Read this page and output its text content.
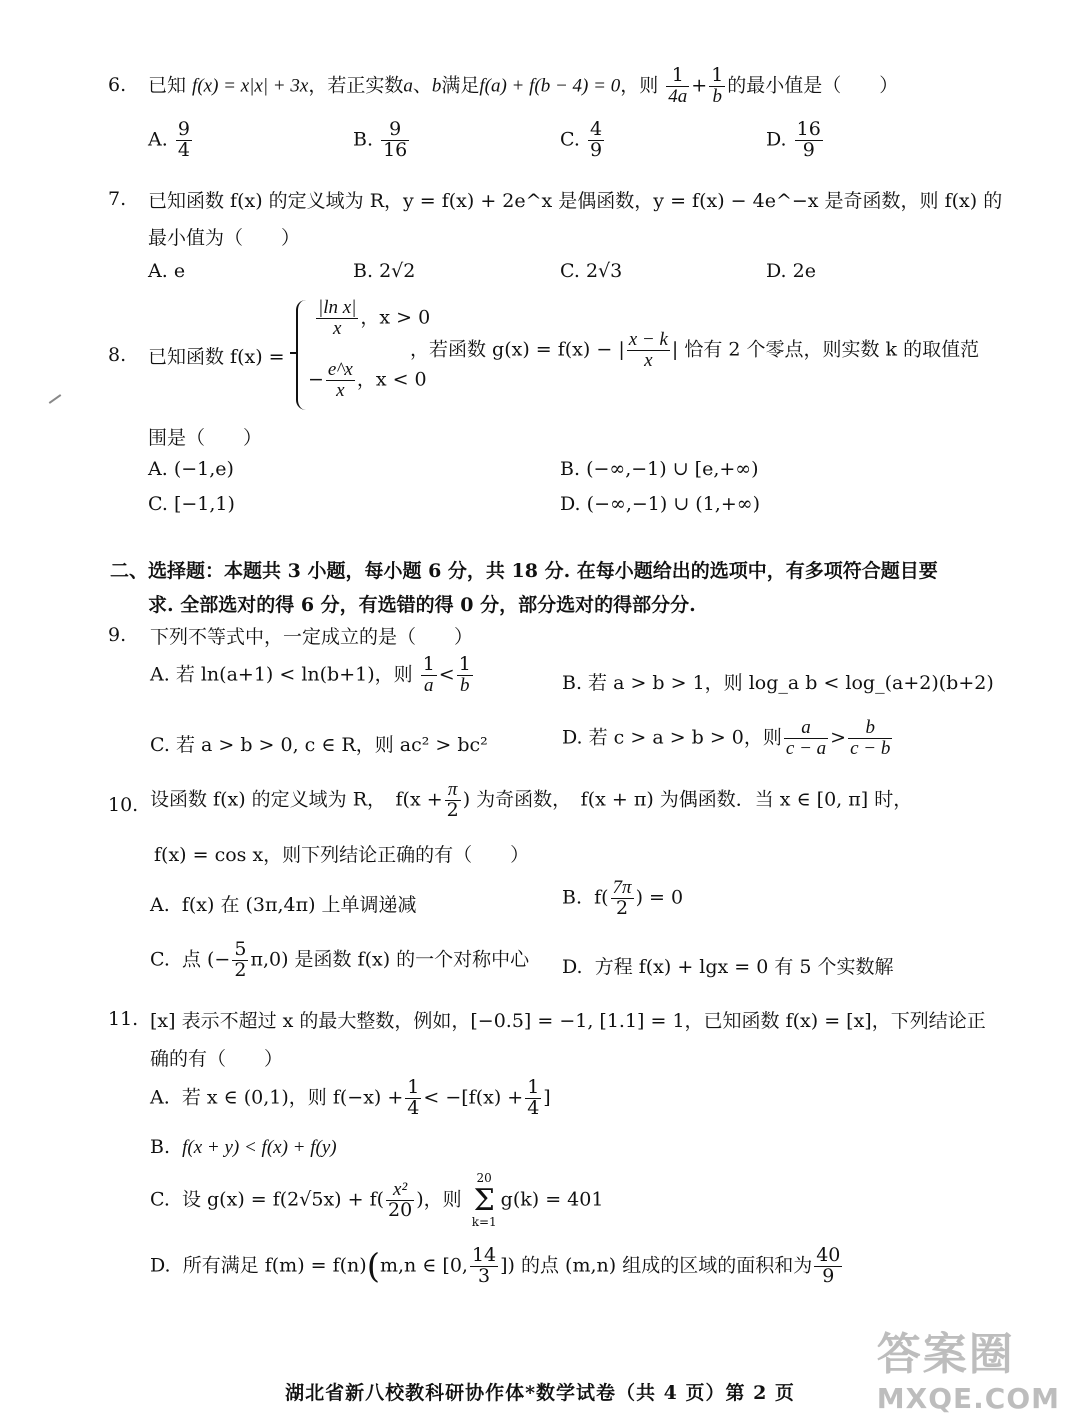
6. 已知 f(x) = x|x| + 3x，若正实数a、b满足f(a) + f(b − 4) = 0，则 $\frac{1}{4a} + \frac{1}{b}$ 的最小值是（　　）
A. $\frac{9}{4}$	B. $\frac{9}{16}$	C. $\frac{4}{9}$	D. $\frac{16}{9}$
7. 已知函数 f(x) 的定义域为 R，y = f(x) + 2e^x 是偶函数，y = f(x) − 4e^−x 是奇函数，则 f(x) 的
最小值为（　　）
A. e	B. 2√2	C. 2√3	D. 2e
8. 已知函数 f(x) =
$\frac{\text{|ln x|}}{x}$ ，x > 0
− $\frac{e\^{}x}{x}$ ，x < 0
，若函数 g(x) = f(x) − | $\frac{x - k}{x}$ | 恰有 2 个零点，则实数 k 的取值范
围是（　　）
A. (−1,e)	B. (−∞,−1) ∪ [e,+∞)
C. [−1,1)	D. (−∞,−1) ∪ (1,+∞)
二、选择题：本题共 3 小题，每小题 6 分，共 18 分. 在每小题给出的选项中，有多项符合题目要
求. 全部选对的得 6 分，有选错的得 0 分，部分选对的得部分分.
9. 下列不等式中，一定成立的是（　　）
A. 若 ln(a+1) < ln(b+1)，则 $\frac{1}{a} < \frac{1}{b}$	B. 若 a > b > 1，则 log_a b < log_(a+2)(b+2)
C. 若 a > b > 0, c ∈ R，则 ac² > bc²	D. 若 c > a > b > 0，则 $\frac{a}{c - a} > \frac{b}{c - b}$
10. 设函数 f(x) 的定义域为 R，　$f(x + \frac{\pi}{2}$ ) 为奇函数，　f(x + π) 为偶函数．当 x ∈ [0, π] 时，
f(x) = cos x，则下列结论正确的有（　　）
A.  f(x) 在 (3π,4π) 上单调递减	B.  $f( \frac{7\pi}{2}$ ) = 0
C.  点 (− $\frac{5}{2} \pi,0$) 是函数 f(x) 的一个对称中心 D.  方程 f(x) + lgx = 0 有 5 个实数解
11. [x] 表示不超过 x 的最大整数，例如，[−0.5] = −1, [1.1] = 1，已知函数 f(x) = [x]，下列结论正
确的有（　　）
A.  若 x ∈ (0,1)，则 $f(-x) + \frac{1}{4} < -[f(x) + \frac{1}{4}$ ]
B.  f(x + y) < f(x) + f(y)
C.  设 $g(x) = f(2√5x) + f( \frac{\text{x²}}{20}$ )，则
20
Σ
k=1
g(k) = 401
D.  所有满足 f(m) = f(n)(m,n ∈ [0, $\frac{14}{3}$ ]) 的点 (m,n) 组成的区域的面积和为 $\frac{40}{9}$
答案圈
MXQE.COM
湖北省新八校教科研协作体*数学试卷（共 4 页）第 2 页
